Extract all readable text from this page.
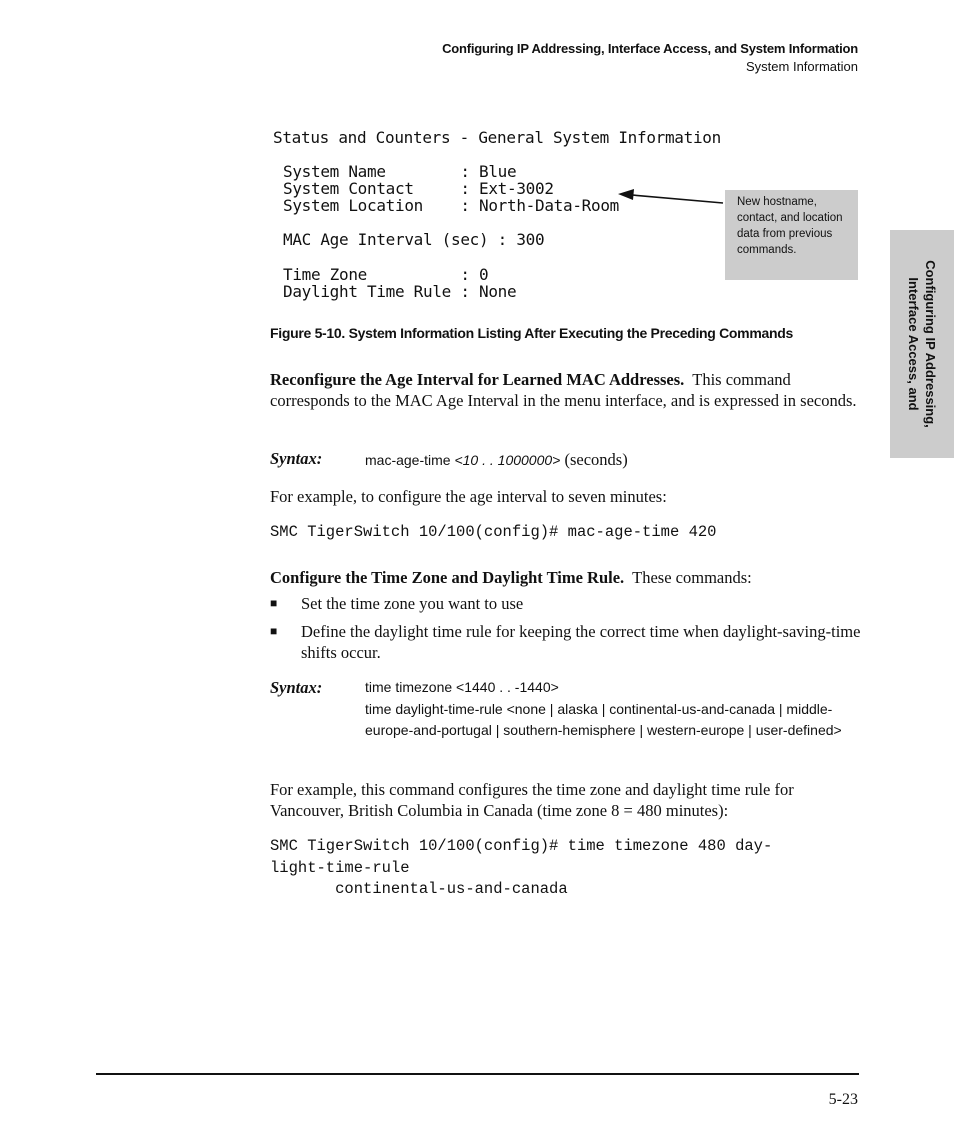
Configuring IP Addressing, Interface Access, and System Information
System Information
Configuring IP Addressing,
Interface Access, and
Status and Counters - General System Information
System Name        : Blue
System Contact     : Ext-3002
System Location    : North-Data-Room
MAC Age Interval (sec) : 300
Time Zone          : 0
Daylight Time Rule : None
New hostname, contact, and location data from previous commands.
Figure 5-10. System Information Listing After Executing the Preceding Commands
Reconfigure the Age Interval for Learned MAC Addresses. This command corresponds to the MAC Age Interval in the menu interface, and is expressed in seconds.
Syntax:	mac-age-time <10 . . 1000000> (seconds)
For example, to configure the age interval to seven minutes:
SMC TigerSwitch 10/100(config)# mac-age-time 420
Configure the Time Zone and Daylight Time Rule. These commands:
■ Set the time zone you want to use
■ Define the daylight time rule for keeping the correct time when daylight-saving-time shifts occur.
Syntax:	time timezone <1440 . . -1440>
time daylight-time-rule <none | alaska | continental-us-and-canada | middle-europe-and-portugal | southern-hemisphere | western-europe | user-defined>
For example, this command configures the time zone and daylight time rule for Vancouver, British Columbia in Canada (time zone 8 = 480 minutes):
SMC TigerSwitch 10/100(config)# time timezone 480 day-
light-time-rule
continental-us-and-canada
5-23
